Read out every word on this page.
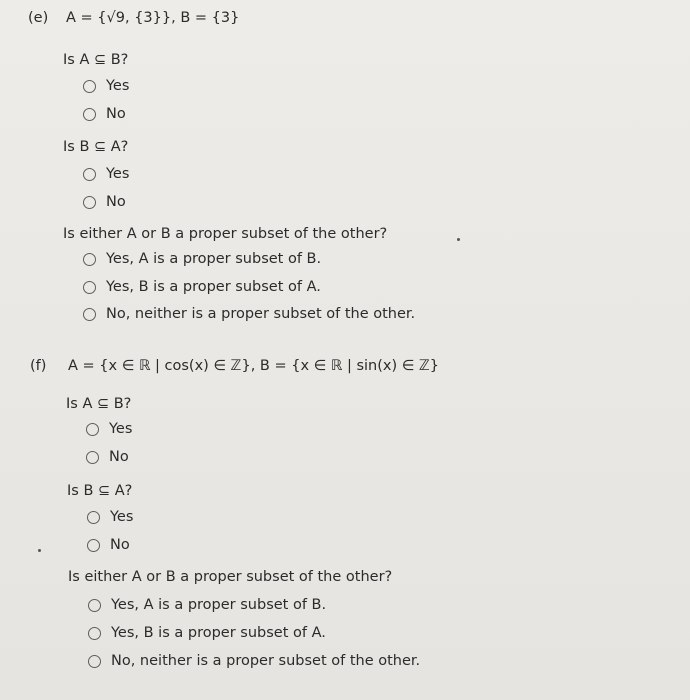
(e) A = {√9, {3}}, B = {3}
Is A ⊆ B?
Yes
No
Is B ⊆ A?
Yes
No
Is either A or B a proper subset of the other?
Yes, A is a proper subset of B.
Yes, B is a proper subset of A.
No, neither is a proper subset of the other.
(f) A = {x ∈ ℝ | cos(x) ∈ ℤ}, B = {x ∈ ℝ | sin(x) ∈ ℤ}
Is A ⊆ B?
Yes
No
Is B ⊆ A?
Yes
No
Is either A or B a proper subset of the other?
Yes, A is a proper subset of B.
Yes, B is a proper subset of A.
No, neither is a proper subset of the other.
